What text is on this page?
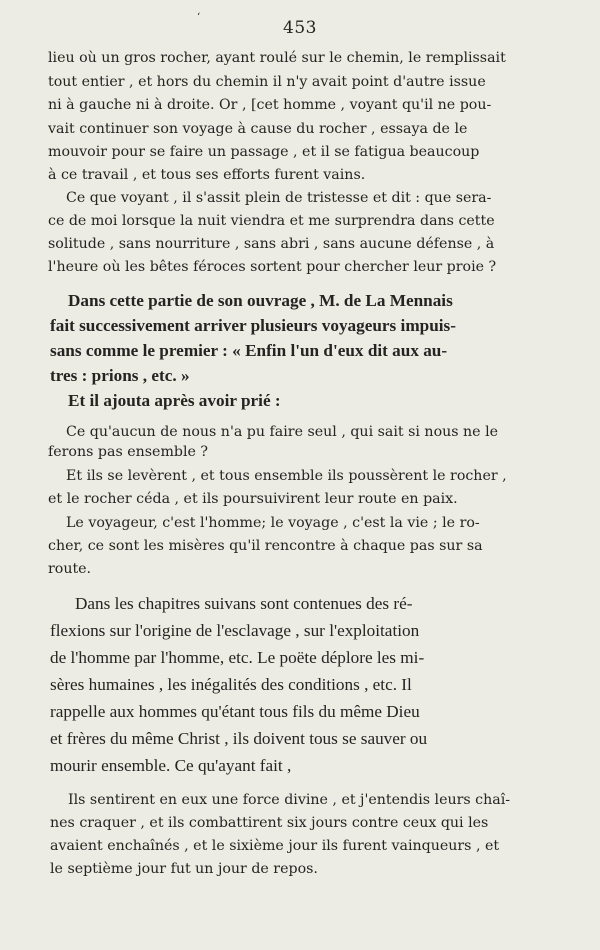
‘
453
lieu où un gros rocher, ayant roulé sur le chemin, le remplissait
tout entier , et hors du chemin il n'y avait point d'autre issue
ni à gauche ni à droite. Or , [cet homme , voyant qu'il ne pou-
vait continuer son voyage à cause du rocher , essaya de le
mouvoir pour se faire un passage , et il se fatigua beaucoup
à ce travail , et tous ses efforts furent vains.
Ce que voyant , il s'assit plein de tristesse et dit : que sera-
ce de moi lorsque la nuit viendra et me surprendra dans cette
solitude , sans nourriture , sans abri , sans aucune défense , à
l'heure où les bêtes féroces sortent pour chercher leur proie ?
Dans cette partie de son ouvrage , M. de La Mennais
fait successivement arriver plusieurs voyageurs impuis-
sans comme le premier : « Enfin l'un d'eux dit aux au-
tres : prions , etc. »
Et il ajouta après avoir prié :
Ce qu'aucun de nous n'a pu faire seul , qui sait si nous ne le
ferons pas ensemble ?
Et ils se levèrent , et tous ensemble ils poussèrent le rocher ,
et le rocher céda , et ils poursuivirent leur route en paix.
Le voyageur, c'est l'homme; le voyage , c'est la vie ; le ro-
cher, ce sont les misères qu'il rencontre à chaque pas sur sa
route.
Dans les chapitres suivans sont contenues des ré-
flexions sur l'origine de l'esclavage , sur l'exploitation
de l'homme par l'homme, etc. Le poëte déplore les mi-
sères humaines , les inégalités des conditions , etc. Il
rappelle aux hommes qu'étant tous fils du même Dieu
et frères du même Christ , ils doivent tous se sauver ou
mourir ensemble. Ce qu'ayant fait ,
Ils sentirent en eux une force divine , et j'entendis leurs chaî-
nes craquer , et ils combattirent six jours contre ceux qui les
avaient enchaînés , et le sixième jour ils furent vainqueurs , et
le septième jour fut un jour de repos.
